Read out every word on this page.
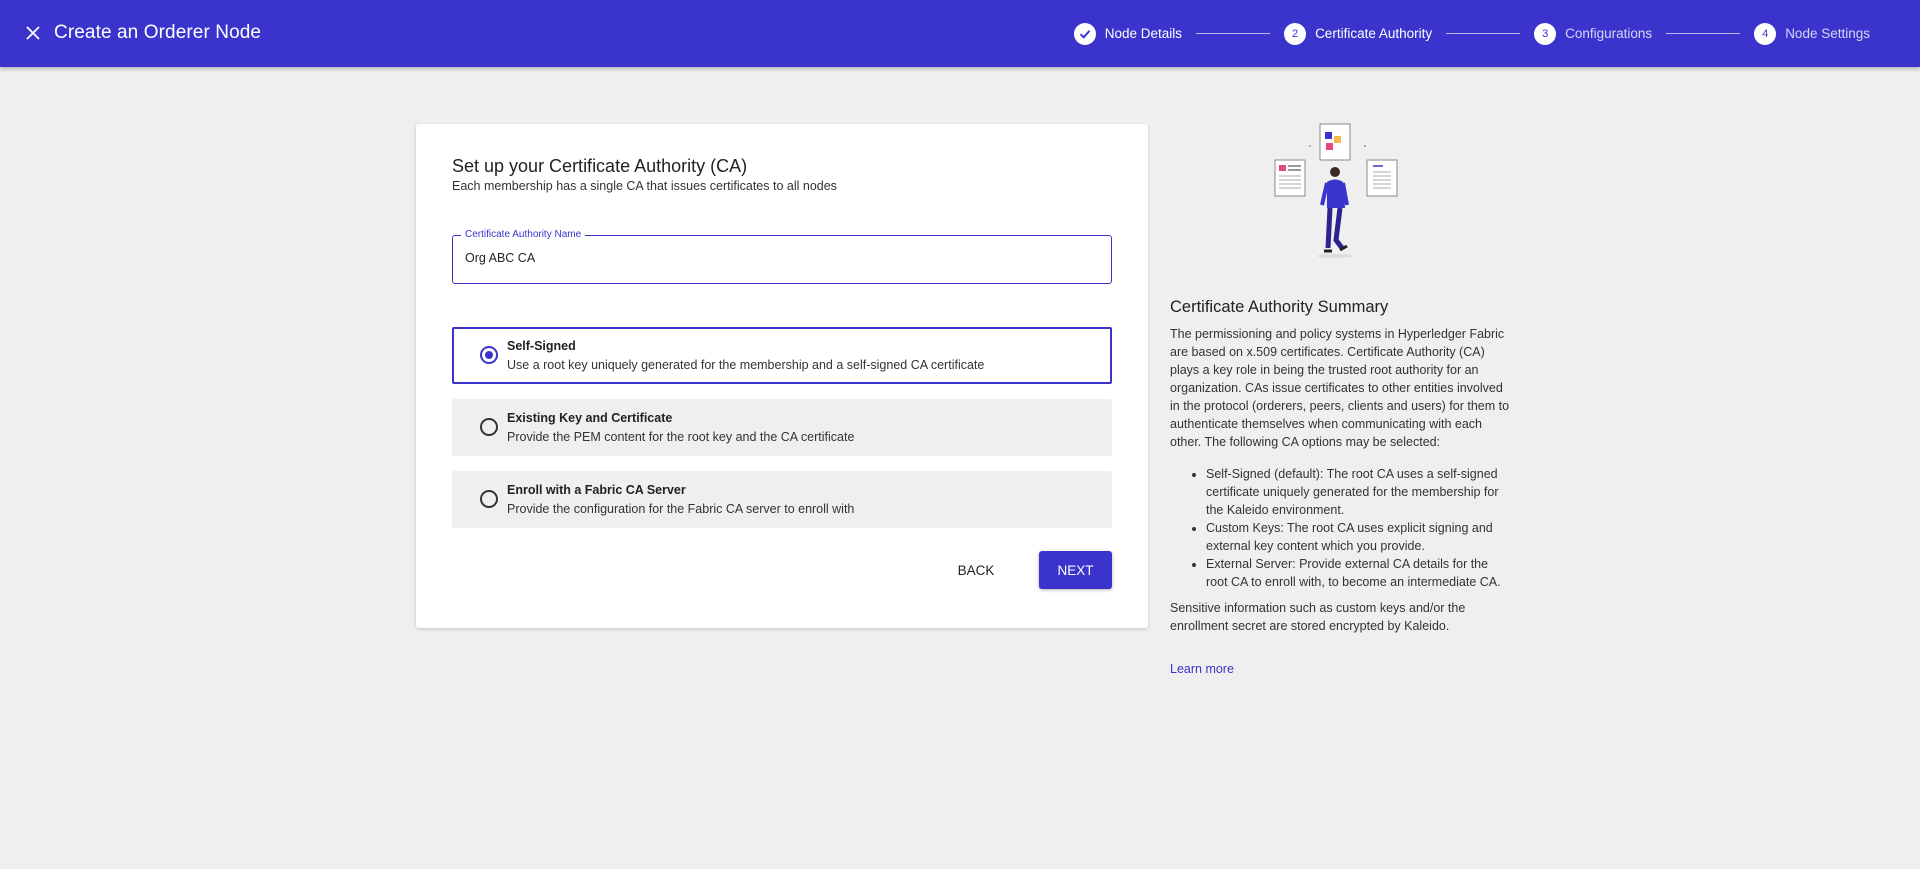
Create an Orderer Node	Node Details	2	Certificate Authority	3	Configurations	4	Node Settings
Set up your Certificate Authority (CA)
Each membership has a single CA that issues certificates to all nodes
Certificate Authority Name
Org ABC CA
Self-Signed
Use a root key uniquely generated for the membership and a self-signed CA certificate
Existing Key and Certificate
Provide the PEM content for the root key and the CA certificate
Enroll with a Fabric CA Server
Provide the configuration for the Fabric CA server to enroll with
BACK	NEXT
Certificate Authority Summary

The permissioning and policy systems in Hyperledger Fabric are based on x.509 certificates. Certificate Authority (CA) plays a key role in being the trusted root authority for an organization. CAs issue certificates to other entities involved in the protocol (orderers, peers, clients and users) for them to authenticate themselves when communicating with each other. The following CA options may be selected:

• Self-Signed (default): The root CA uses a self-signed certificate uniquely generated for the membership for the Kaleido environment.
• Custom Keys: The root CA uses explicit signing and external key content which you provide.
• External Server: Provide external CA details for the root CA to enroll with, to become an intermediate CA.

Sensitive information such as custom keys and/or the enrollment secret are stored encrypted by Kaleido.

Learn more
